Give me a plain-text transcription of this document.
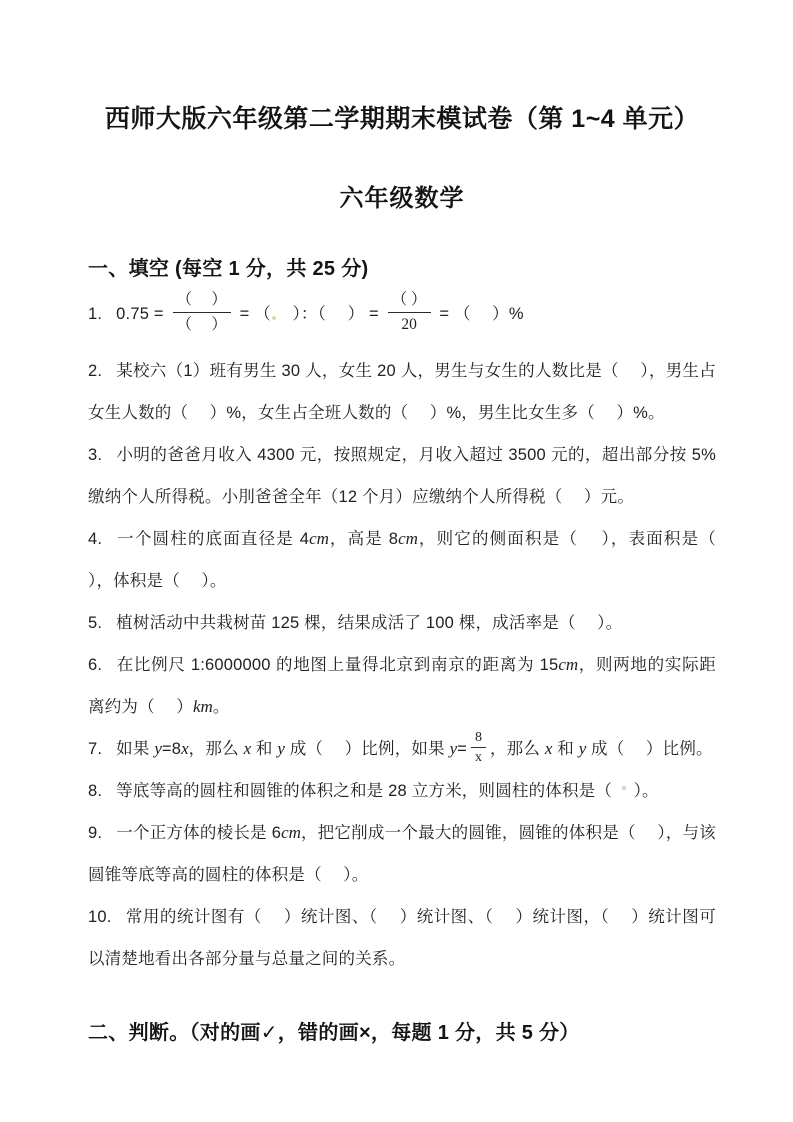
西师大版六年级第二学期期末模试卷（第 1~4 单元）
六年级数学
一、填空 (每空 1 分，共 25 分)

1. $0.75 = \frac{( )}{( )}$ = （　 ）：（　 ） = $\frac{( )}{20}$ = （　 ）%

2. 某校六（1）班有男生 30 人，女生 20 人，男生与女生的人数比是（　 ），男生占女生人数的（　 ）%，女生占全班人数的（　 ）%，男生比女生多（　 ）%。

3. 小明的爸爸月收入 4300 元，按照规定，月收入超过 3500 元的，超出部分按 5%缴纳个人所得税。小刖爸爸全年（12 个月）应缴纳个人所得税（　 ）元。

4. 一个圆柱的底面直径是 4cm，高是 8cm，则它的侧面积是（　 ），表面积是（　 ），体积是（　 ）。

5. 植树活动中共栽树苗 125 棵，结果成活了 100 棵，成活率是（　 ）。

6. 在比例尺 1:6000000 的地图上量得北京到南京的距离为 15cm，则两地的实际距离约为（　 ）km。

7. 如果 y=8x，那么 x 和 y 成（　 ）比例，如果 $y= \frac{8}{x}$ ，那么 x 和 y 成（　 ）比例。

8. 等底等高的圆柱和圆锥的体积之和是 28 立方米，则圆柱的体积是（　 ）。

9. 一个正方体的棱长是 6cm，把它削成一个最大的圆锥，圆锥的体积是（　 ），与该圆锥等底等高的圆柱的体积是（　 ）。

10. 常用的统计图有（　 ）统计图、（　 ）统计图、（　 ）统计图，（　 ）统计图可以清楚地看出各部分量与总量之间的关系。

二、判断。（对的画✓，错的画×，每题 1 分，共 5 分）
